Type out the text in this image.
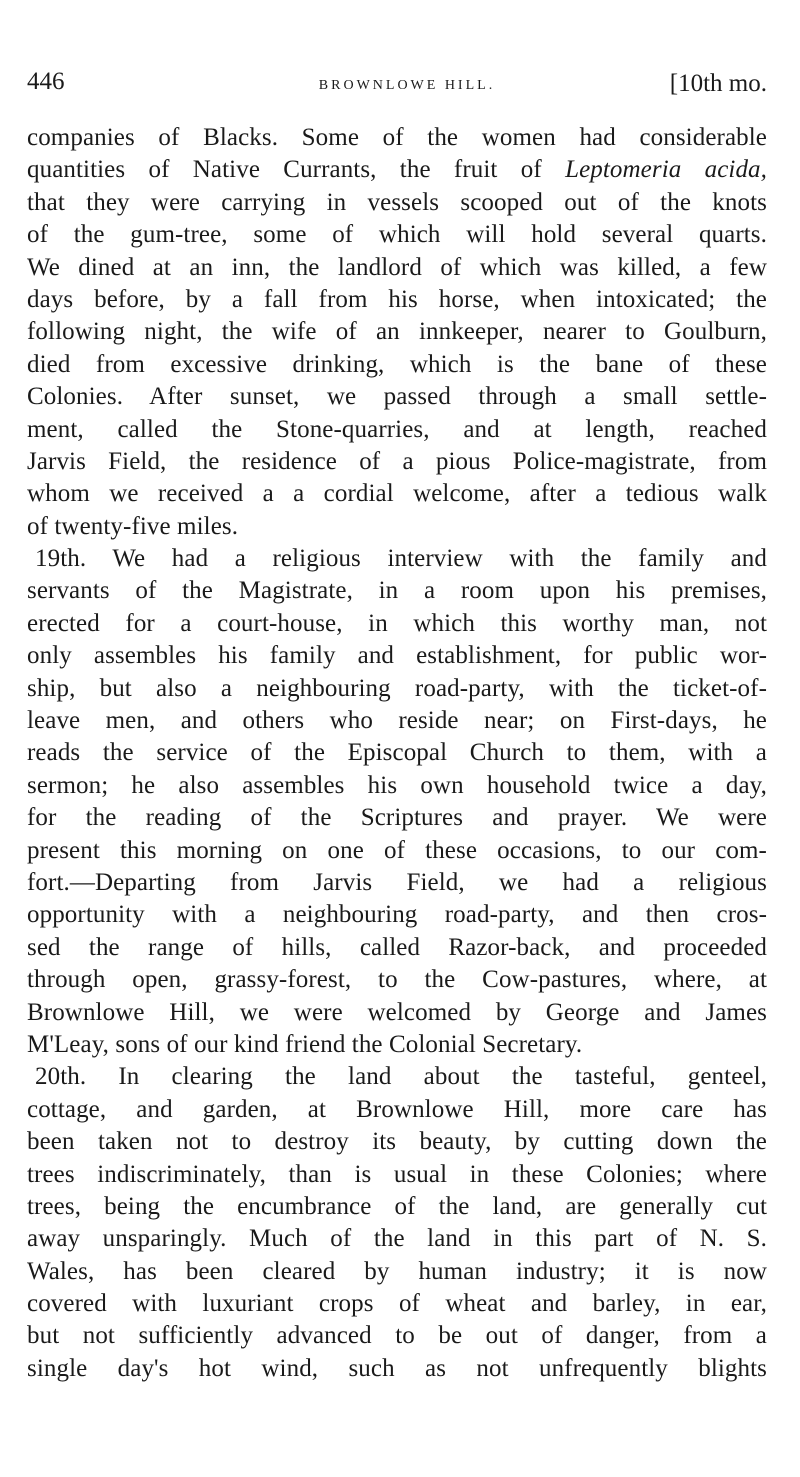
446	BROWNLOWE HILL.	[10th mo.
companies of Blacks. Some of the women had considerable
quantities of Native Currants, the fruit of Leptomeria acida,
that they were carrying in vessels scooped out of the knots
of the gum-tree, some of which will hold several quarts.
We dined at an inn, the landlord of which was killed, a few
days before, by a fall from his horse, when intoxicated; the
following night, the wife of an innkeeper, nearer to Goulburn,
died from excessive drinking, which is the bane of these
Colonies. After sunset, we passed through a small settle-
ment, called the Stone-quarries, and at length, reached
Jarvis Field, the residence of a pious Police-magistrate, from
whom we received a a cordial welcome, after a tedious walk
of twenty-five miles.
19th. We had a religious interview with the family and
servants of the Magistrate, in a room upon his premises,
erected for a court-house, in which this worthy man, not
only assembles his family and establishment, for public wor-
ship, but also a neighbouring road-party, with the ticket-of-
leave men, and others who reside near; on First-days, he
reads the service of the Episcopal Church to them, with a
sermon; he also assembles his own household twice a day,
for the reading of the Scriptures and prayer. We were
present this morning on one of these occasions, to our com-
fort.—Departing from Jarvis Field, we had a religious
opportunity with a neighbouring road-party, and then cros-
sed the range of hills, called Razor-back, and proceeded
through open, grassy-forest, to the Cow-pastures, where, at
Brownlowe Hill, we were welcomed by George and James
M'Leay, sons of our kind friend the Colonial Secretary.
20th. In clearing the land about the tasteful, genteel,
cottage, and garden, at Brownlowe Hill, more care has
been taken not to destroy its beauty, by cutting down the
trees indiscriminately, than is usual in these Colonies; where
trees, being the encumbrance of the land, are generally cut
away unsparingly. Much of the land in this part of N. S.
Wales, has been cleared by human industry; it is now
covered with luxuriant crops of wheat and barley, in ear,
but not sufficiently advanced to be out of danger, from a
single day's hot wind, such as not unfrequently blights
